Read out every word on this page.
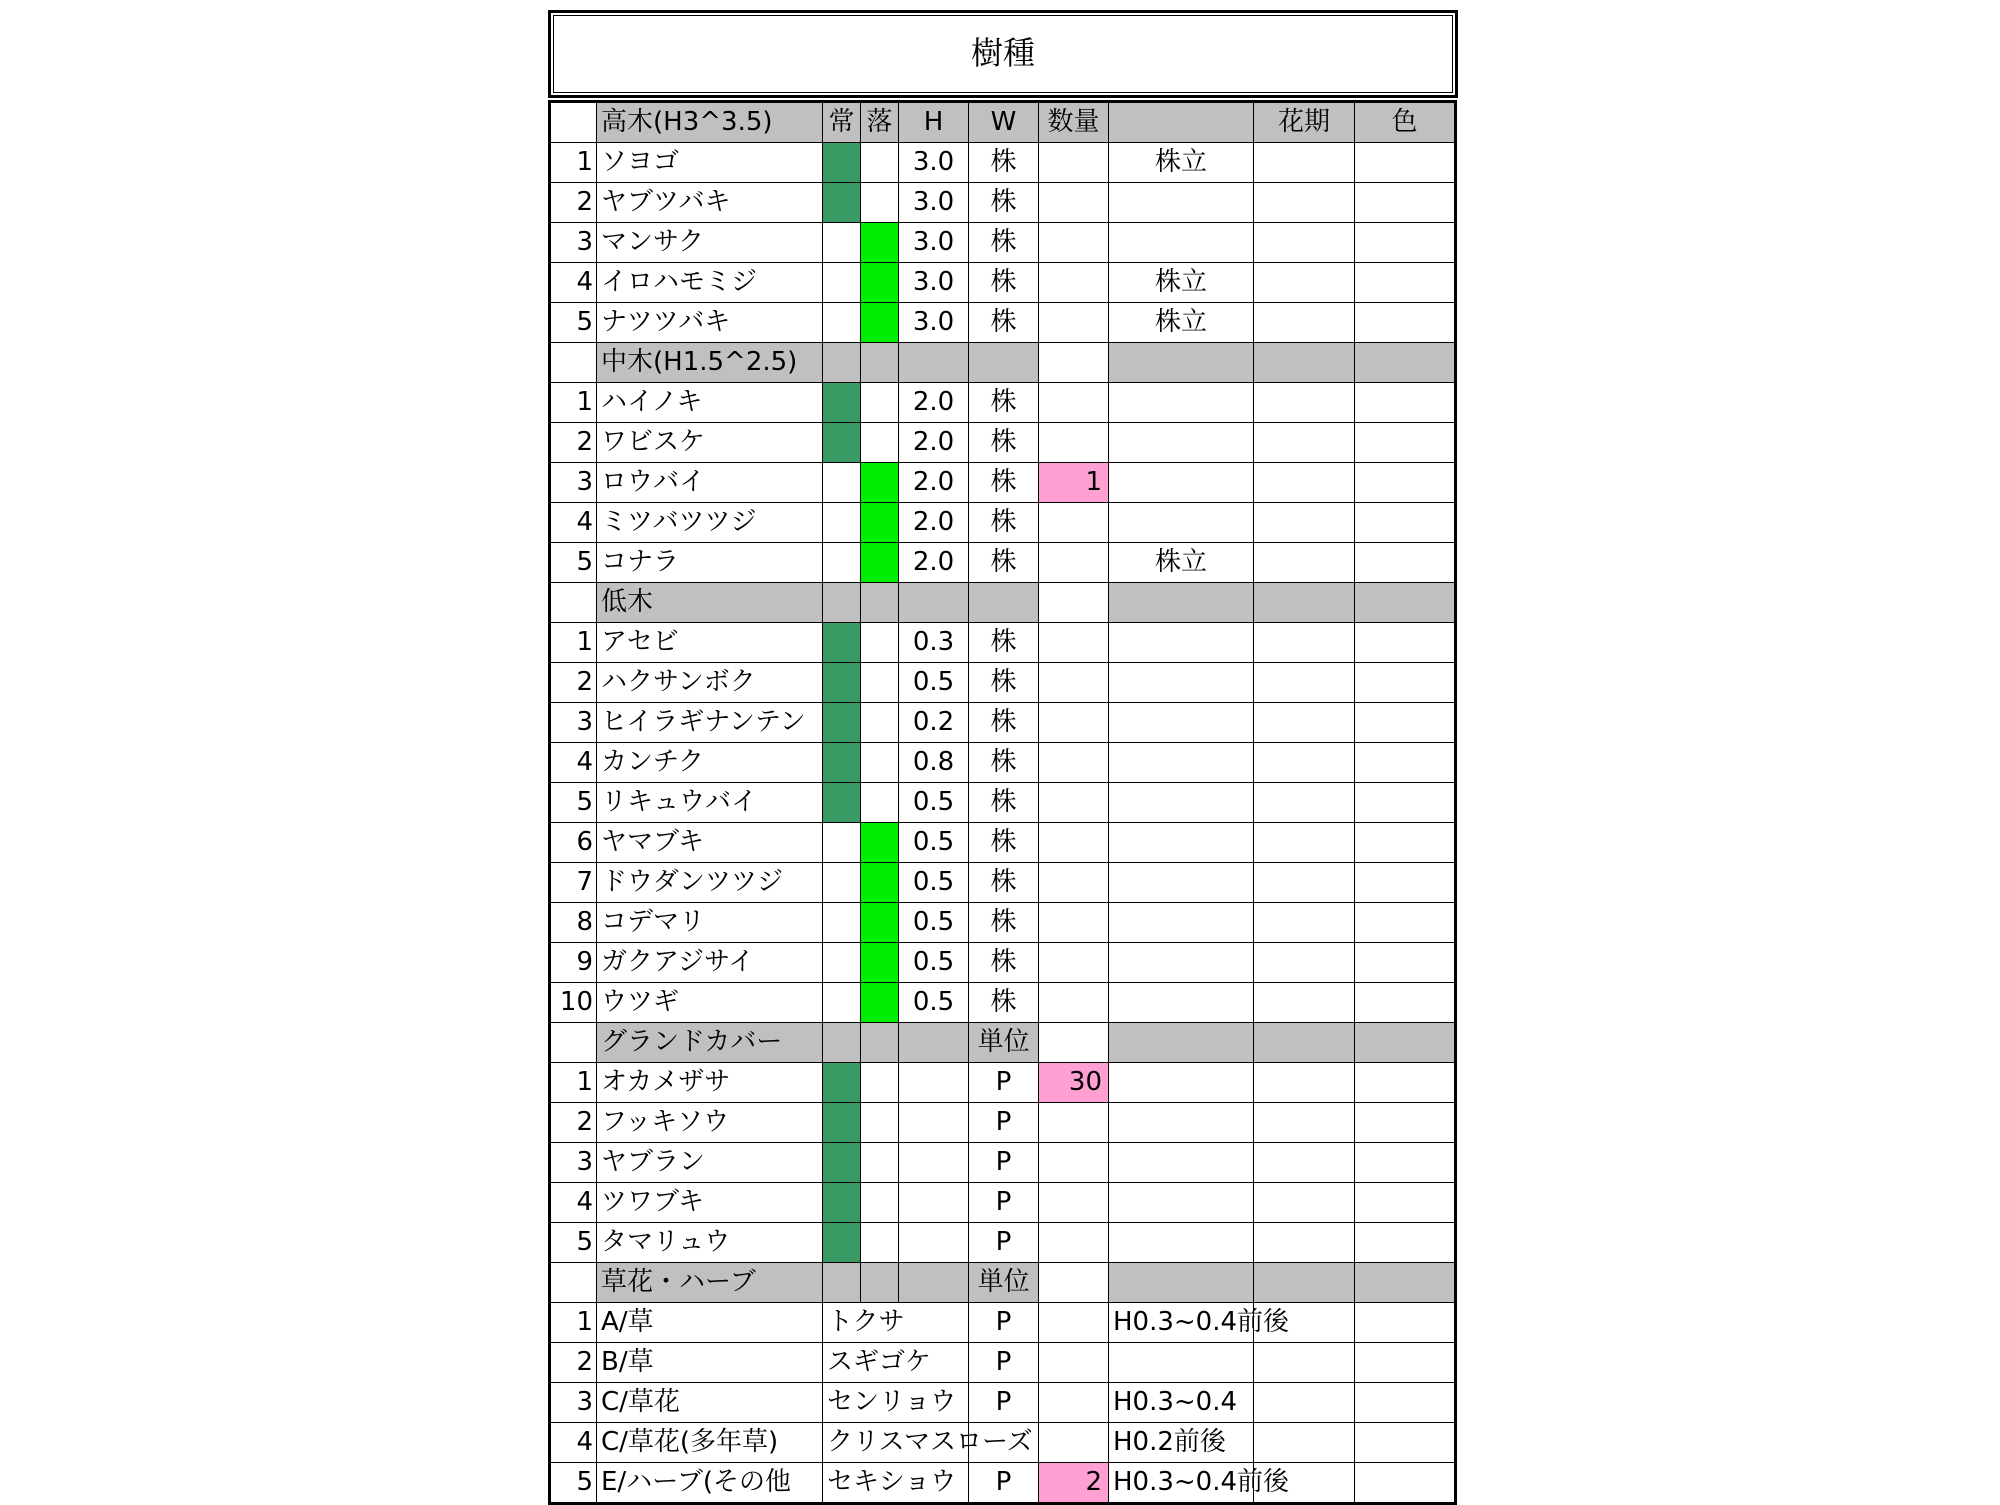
樹種
	高木(H3^3.5)	常	落	H	W	数量		花期	色
1	ソヨゴ			3.0	株		株立		
2	ヤブツバキ			3.0	株				
3	マンサク			3.0	株				
4	イロハモミジ			3.0	株		株立		
5	ナツツバキ			3.0	株		株立		
	中木(H1.5^2.5)								
1	ハイノキ			2.0	株				
2	ワビスケ			2.0	株				
3	ロウバイ			2.0	株	1			
4	ミツバツツジ			2.0	株				
5	コナラ			2.0	株		株立		
	低木								
1	アセビ			0.3	株				
2	ハクサンボク			0.5	株				
3	ヒイラギナンテン			0.2	株				
4	カンチク			0.8	株				
5	リキュウバイ			0.5	株				
6	ヤマブキ			0.5	株				
7	ドウダンツツジ			0.5	株				
8	コデマリ			0.5	株				
9	ガクアジサイ			0.5	株				
10	ウツギ			0.5	株				
	グランドカバー				単位				
1	オカメザサ				P	30			
2	フッキソウ				P				
3	ヤブラン				P				
4	ツワブキ				P				
5	タマリュウ				P				
	草花・ハーブ				単位				
1	A/草	トクサ			P		H0.3~0.4前後		
2	B/草	スギゴケ			P				
3	C/草花	センリョウ			P		H0.3~0.4		
4	C/草花(多年草)	クリスマスローズ					H0.2前後		
5	E/ハーブ(その他	セキショウ			P	2	H0.3~0.4前後		
